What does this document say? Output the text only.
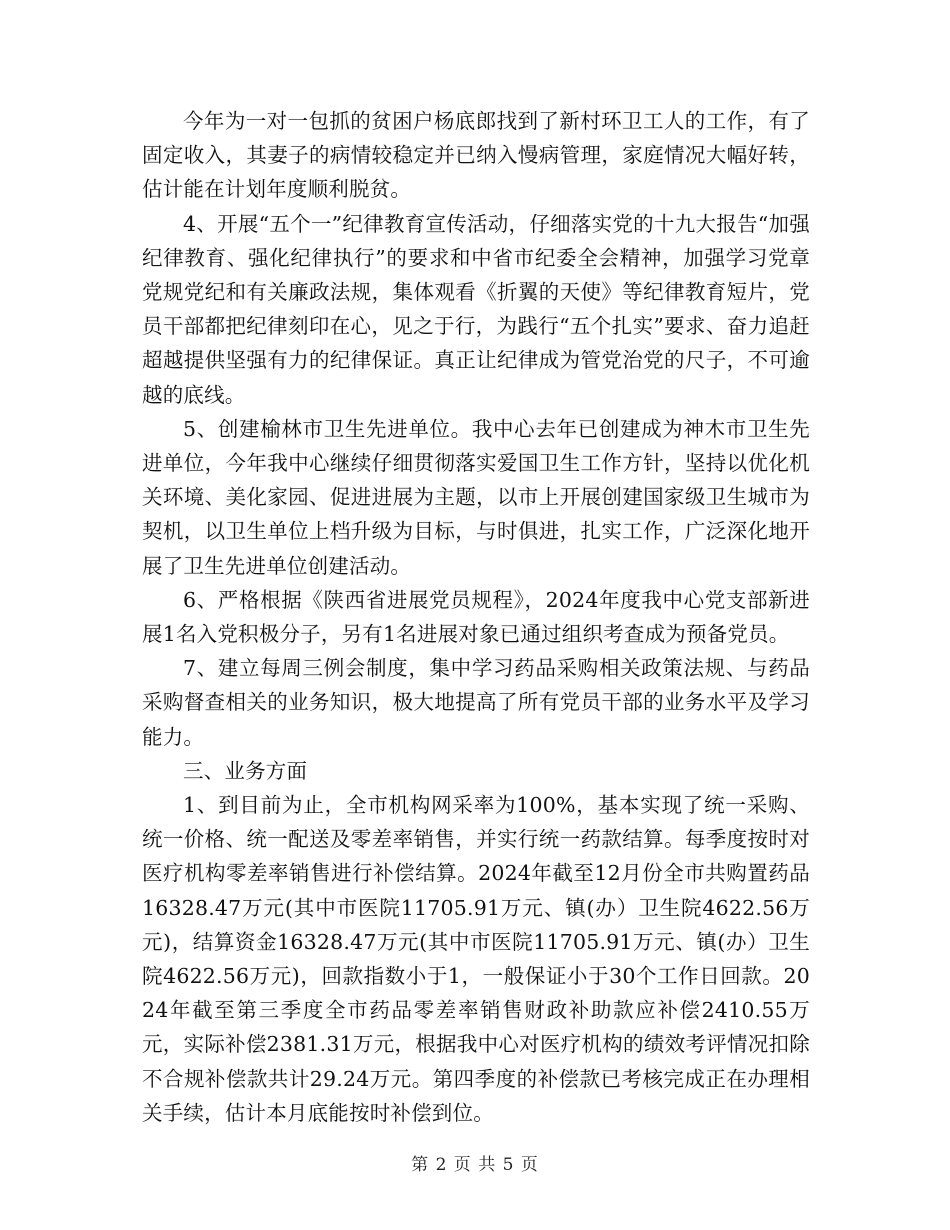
今年为一对一包抓的贫困户杨底郎找到了新村环卫工人的工作，有了固定收入，其妻子的病情较稳定并已纳入慢病管理，家庭情况大幅好转，估计能在计划年度顺利脱贫。

4、开展“五个一”纪律教育宣传活动，仔细落实党的十九大报告“加强纪律教育、强化纪律执行”的要求和中省市纪委全会精神，加强学习党章党规党纪和有关廉政法规，集体观看《折翼的天使》等纪律教育短片，党员干部都把纪律刻印在心，见之于行，为践行“五个扎实”要求、奋力追赶超越提供坚强有力的纪律保证。真正让纪律成为管党治党的尺子，不可逾越的底线。

5、创建榆林市卫生先进单位。我中心去年已创建成为神木市卫生先进单位，今年我中心继续仔细贯彻落实爱国卫生工作方针，坚持以优化机关环境、美化家园、促进进展为主题，以市上开展创建国家级卫生城市为契机，以卫生单位上档升级为目标，与时俱进，扎实工作，广泛深化地开展了卫生先进单位创建活动。

6、严格根据《陕西省进展党员规程》，2024年度我中心党支部新进展1名入党积极分子，另有1名进展对象已通过组织考查成为预备党员。

7、建立每周三例会制度，集中学习药品采购相关政策法规、与药品采购督查相关的业务知识，极大地提高了所有党员干部的业务水平及学习能力。

三、业务方面

1、到目前为止，全市机构网采率为100%，基本实现了统一采购、统一价格、统一配送及零差率销售，并实行统一药款结算。每季度按时对医疗机构零差率销售进行补偿结算。2024年截至12月份全市共购置药品16328.47万元(其中市医院11705.91万元、镇(办）卫生院4622.56万元)，结算资金16328.47万元(其中市医院11705.91万元、镇(办）卫生院4622.56万元)，回款指数小于1，一般保证小于30个工作日回款。2024年截至第三季度全市药品零差率销售财政补助款应补偿2410.55万元，实际补偿2381.31万元，根据我中心对医疗机构的绩效考评情况扣除不合规补偿款共计29.24万元。第四季度的补偿款已考核完成正在办理相关手续，估计本月底能按时补偿到位。

第 2 页 共 5 页
